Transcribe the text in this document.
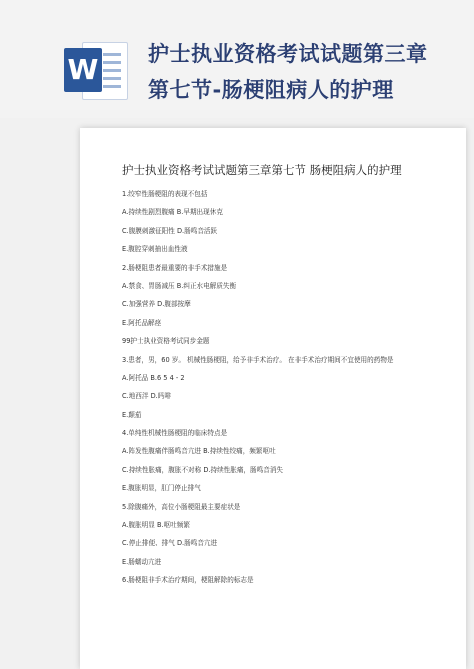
W 护士执业资格考试试题第三章第七节-肠梗阻病人的护理

护士执业资格考试试题第三章第七节 肠梗阻病人的护理

1.绞窄性肠梗阻的表现不包括

A.持续性剧烈腹痛 B.早期出现休克

C.腹膜刺激征阳性 D.肠鸣音活跃

E.腹腔穿刺抽出血性液

2.肠梗阻患者最重要的非手术措施是

A.禁食、胃肠减压 B.纠正水电解质失衡

C.加强营养 D.腹部按摩

E.阿托品解痉

99护士执业资格考试同步金题

3.患者，男，60 岁。 机械性肠梗阻，给予非手术治疗。 在非手术治疗期间不宜使用的药物是

A.阿托品 B.6 5 4 - 2

C.地西泮 D.吗啡

E.颠茄

4.单纯性机械性肠梗阻的临床特点是

A.阵发性腹痛伴肠鸣音亢进 B.持续性绞痛，频繁呕吐

C.持续性胀痛，腹胀不对称 D.持续性胀痛，肠鸣音消失

E.腹胀明显，肛门停止排气

5.除腹痛外，高位小肠梗阻最主要症状是

A.腹胀明显 B.呕吐频繁

C.停止排便、排气 D.肠鸣音亢进

E.肠蠕动亢进

6.肠梗阻非手术治疗期间，梗阻解除的标志是
